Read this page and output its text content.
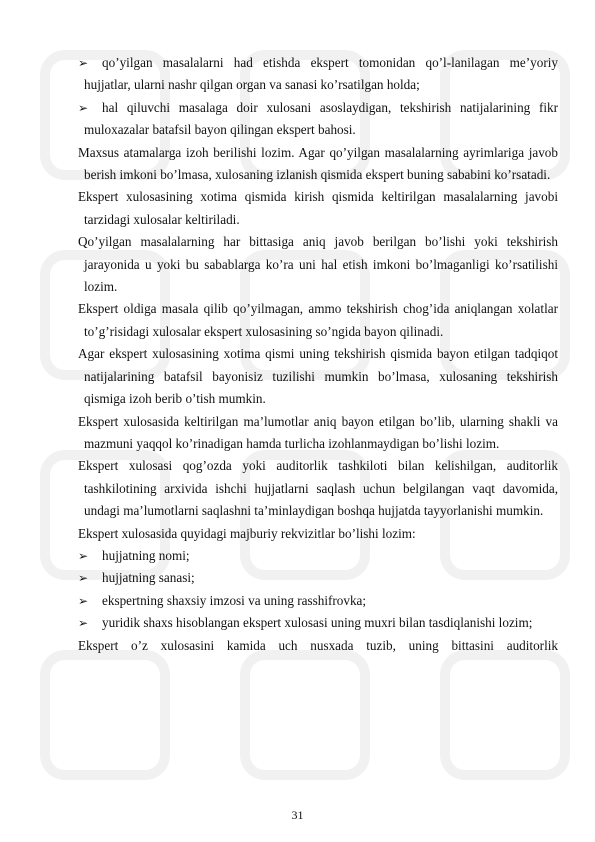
➢ qo’yilgan masalalarni had etishda ekspert tomonidan qo’l-lanilagan me’yoriy hujjatlar, ularni nashr qilgan organ va sanasi ko’rsatilgan holda;

➢ hal qiluvchi masalaga doir xulosani asoslaydigan, tekshirish natijalarining fikr muloxazalar batafsil bayon qilingan ekspert bahosi.

Maxsus atamalarga izoh berilishi lozim. Agar qo’yilgan masalalarning ayrimlariga javob berish imkoni bo’lmasa, xulosaning izlanish qismida ekspert buning sababini ko’rsatadi.

Ekspert xulosasining xotima qismida kirish qismida keltirilgan masalalarning javobi tarzidagi xulosalar keltiriladi.

Qo’yilgan masalalarning har bittasiga aniq javob berilgan bo’lishi yoki tekshirish jarayonida u yoki bu sabablarga ko’ra uni hal etish imkoni bo’lmaganligi ko’rsatilishi lozim.

Ekspert oldiga masala qilib qo’yilmagan, ammo tekshirish chog’ida aniqlangan xolatlar to’g’risidagi xulosalar ekspert xulosasining so’ngida bayon qilinadi.

Agar ekspert xulosasining xotima qismi uning tekshirish qismida bayon etilgan tadqiqot natijalarining batafsil bayonisiz tuzilishi mumkin bo’lmasa, xulosaning tekshirish qismiga izoh berib o’tish mumkin.

Ekspert xulosasida keltirilgan ma’lumotlar aniq bayon etilgan bo’lib, ularning shakli va mazmuni yaqqol ko’rinadigan hamda turlicha izohlanmaydigan bo’lishi lozim.

Ekspert xulosasi qog’ozda yoki auditorlik tashkiloti bilan kelishilgan, auditorlik tashkilotining arxivida ishchi hujjatlarni saqlash uchun belgilangan vaqt davomida, undagi ma’lumotlarni saqlashni ta’minlaydigan boshqa hujjatda tayyorlanishi mumkin.

Ekspert xulosasida quyidagi majburiy rekvizitlar bo’lishi lozim:

➢ hujjatning nomi;

➢ hujjatning sanasi;

➢ ekspertning shaxsiy imzosi va uning rasshifrovka;

➢ yuridik shaxs hisoblangan ekspert xulosasi uning muxri bilan tasdiqlanishi lozim;

Ekspert o’z xulosasini kamida uch nusxada tuzib, uning bittasini auditorlik

31
